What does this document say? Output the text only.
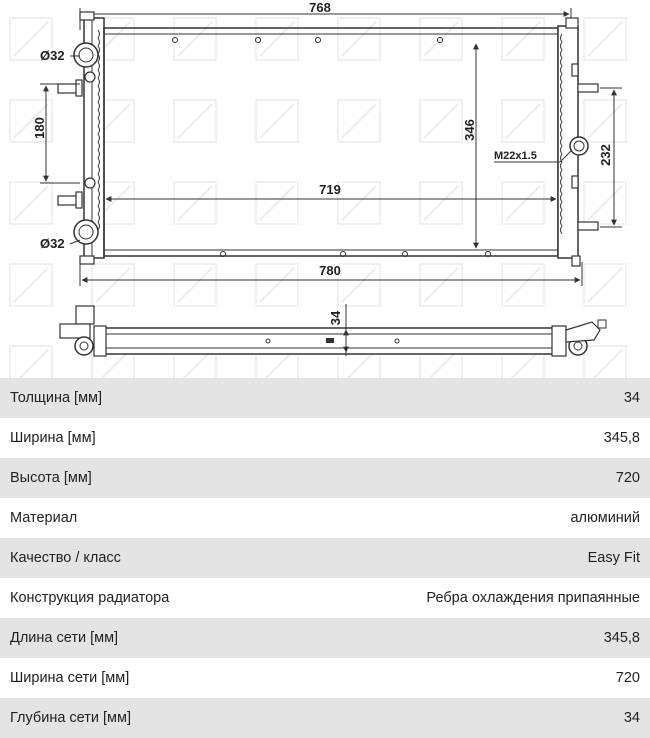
768
Ø32
Ø32
180
719
346
M22x1.5	232
780
34
Толщина [мм]	34
Ширина [мм]	345,8
Высота [мм]	720
Материал	алюминий
Качество / класс	Easy Fit
Конструкция радиатора	Ребра охлаждения припаянные
Длина сети [мм]	345,8
Ширина сети [мм]	720
Глубина сети [мм]	34
